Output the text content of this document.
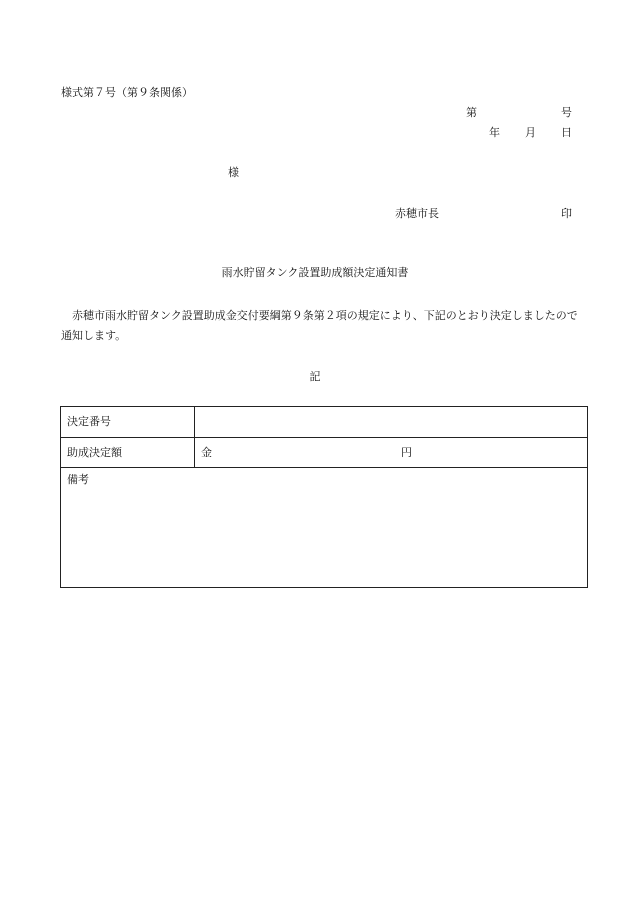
様式第７号（第９条関係）
第	号
年 月 日
様
赤穂市長	印
雨水貯留タンク設置助成額決定通知書
赤穂市雨水貯留タンク設置助成金交付要綱第９条第２項の規定により、下記のとおり決定しましたので通知します。
記
決定番号
助成決定額	金	円
備考
